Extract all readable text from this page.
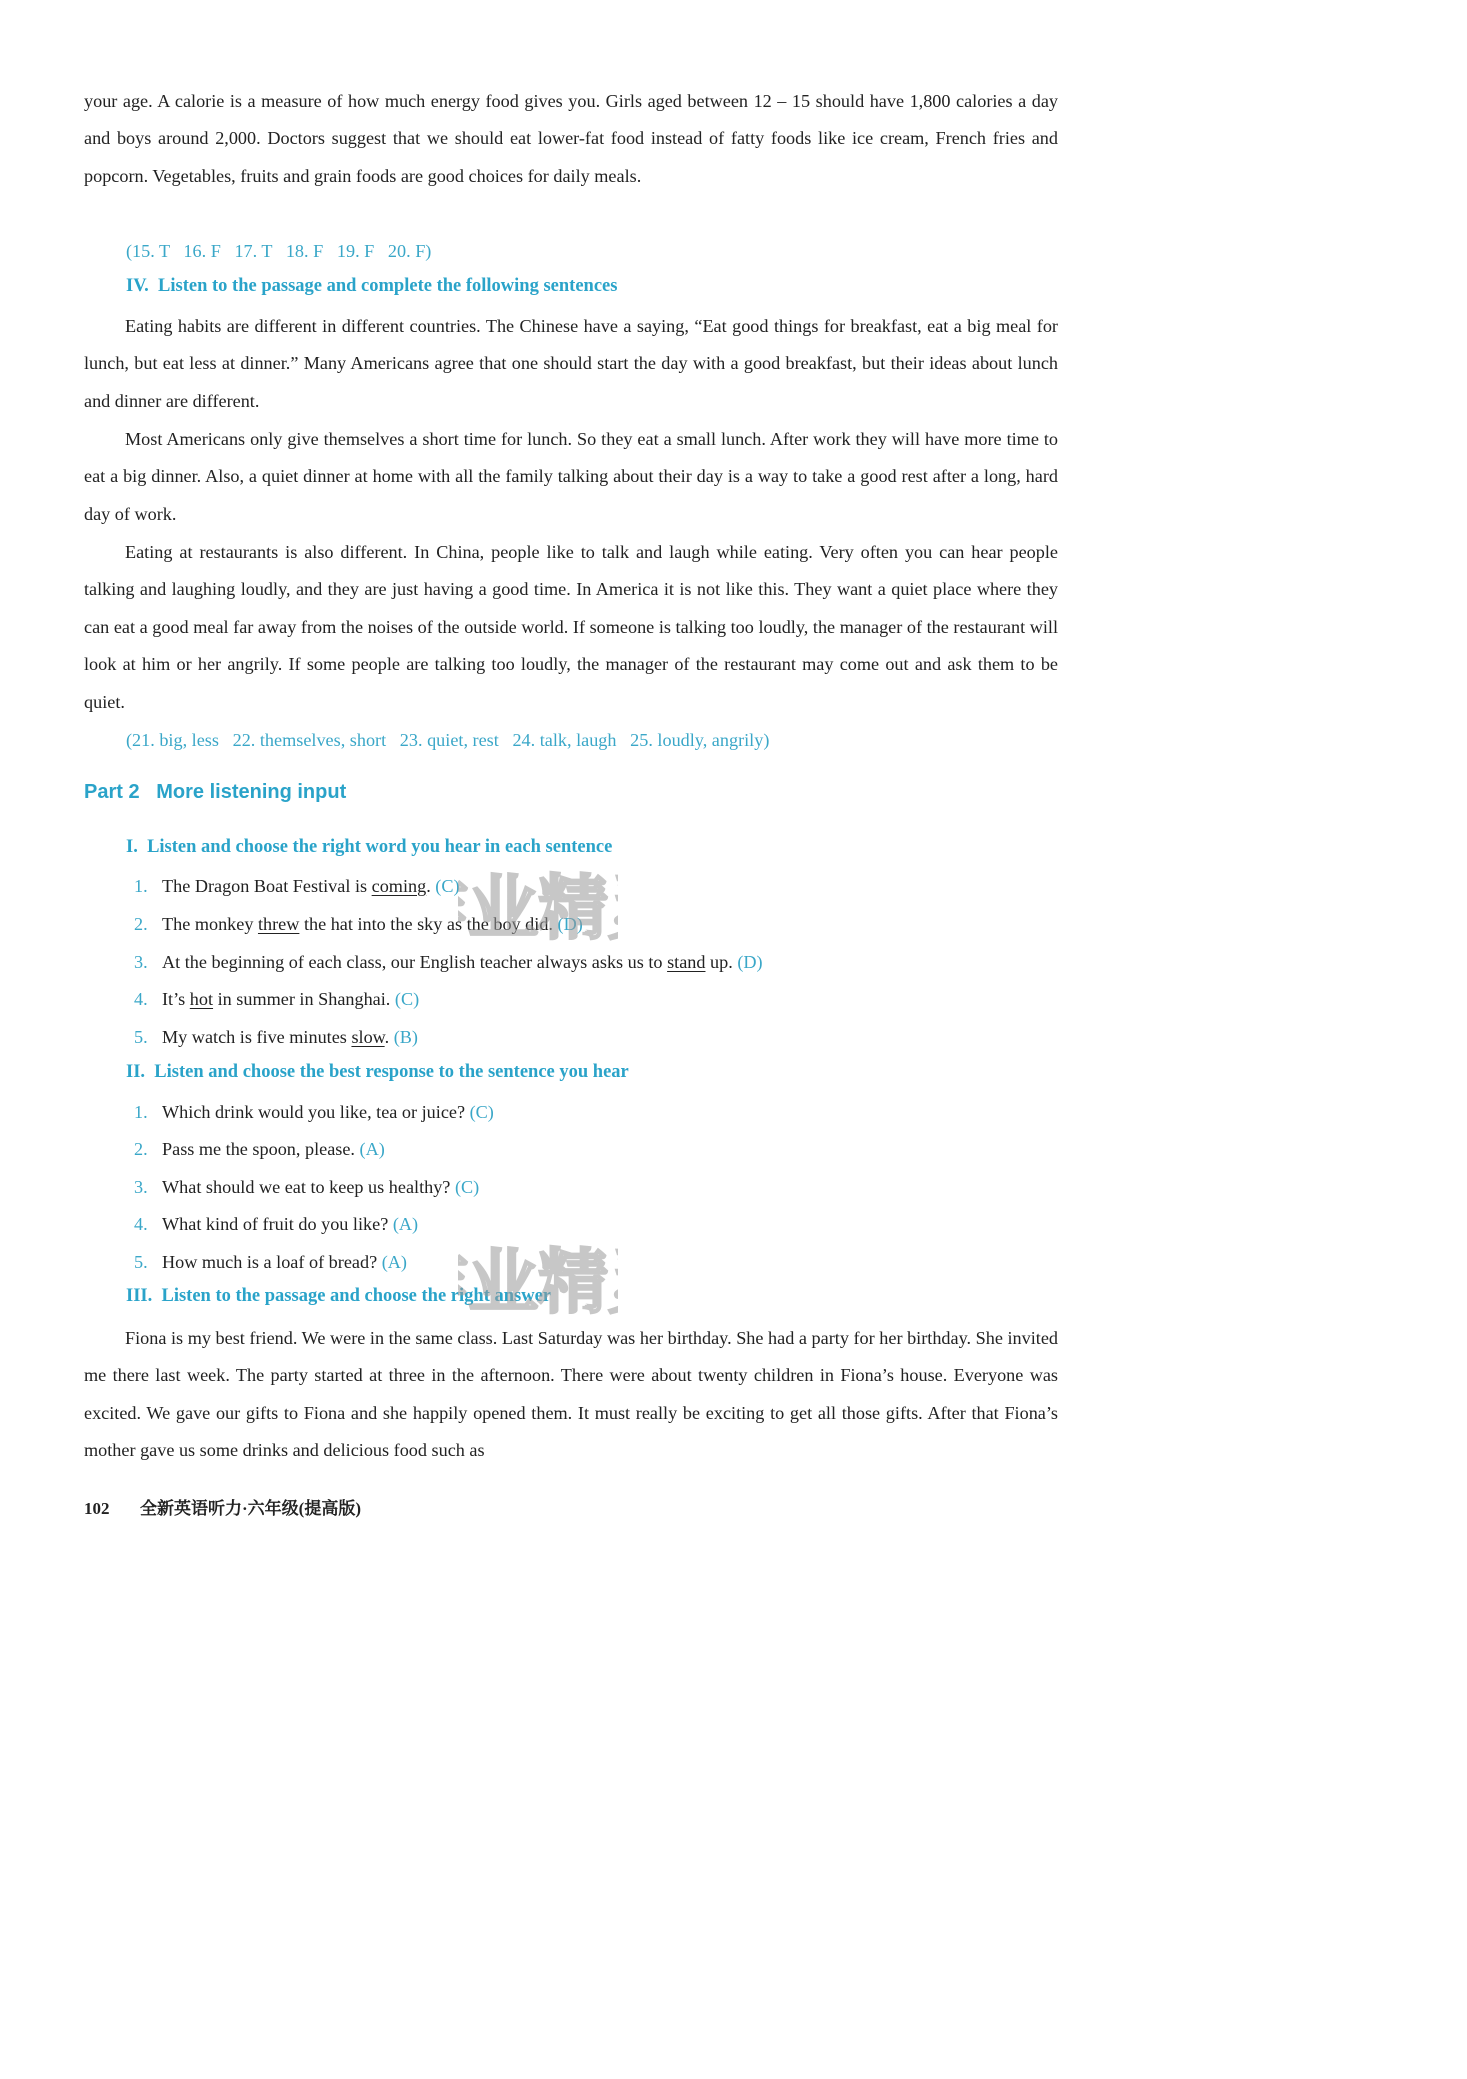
your age. A calorie is a measure of how much energy food gives you. Girls aged between 12 – 15 should have 1,800 calories a day and boys around 2,000. Doctors suggest that we should eat lower-fat food instead of fatty foods like ice cream, French fries and popcorn. Vegetables, fruits and grain foods are good choices for daily meals.

(15. T   16. F   17. T   18. F   19. F   20. F)

IV.  Listen to the passage and complete the following sentences

Eating habits are different in different countries. The Chinese have a saying, “Eat good things for breakfast, eat a big meal for lunch, but eat less at dinner.” Many Americans agree that one should start the day with a good breakfast, but their ideas about lunch and dinner are different.

Most Americans only give themselves a short time for lunch. So they eat a small lunch. After work they will have more time to eat a big dinner. Also, a quiet dinner at home with all the family talking about their day is a way to take a good rest after a long, hard day of work.

Eating at restaurants is also different. In China, people like to talk and laugh while eating. Very often you can hear people talking and laughing loudly, and they are just having a good time. In America it is not like this. They want a quiet place where they can eat a good meal far away from the noises of the outside world. If someone is talking too loudly, the manager of the restaurant will look at him or her angrily. If some people are talking too loudly, the manager of the restaurant may come out and ask them to be quiet.

(21. big, less   22. themselves, short   23. quiet, rest   24. talk, laugh   25. loudly, angrily)

Part 2   More listening input

I.  Listen and choose the right word you hear in each sentence

1. The Dragon Boat Festival is coming. (C)

2. The monkey threw the hat into the sky as the boy did. (D)

3. At the beginning of each class, our English teacher always asks us to stand up. (D)

4. It’s hot in summer in Shanghai. (C)

5. My watch is five minutes slow. (B)

II.  Listen and choose the best response to the sentence you hear

1. Which drink would you like, tea or juice? (C)

2. Pass me the spoon, please. (A)

3. What should we eat to keep us healthy? (C)

4. What kind of fruit do you like? (A)

5. How much is a loaf of bread? (A)

III.  Listen to the passage and choose the right answer

Fiona is my best friend. We were in the same class. Last Saturday was her birthday. She had a party for her birthday. She invited me there last week. The party started at three in the afternoon. There were about twenty children in Fiona’s house. Everyone was excited. We gave our gifts to Fiona and she happily opened them. It must really be exciting to get all those gifts. After that Fiona’s mother gave us some drinks and delicious food such as

102 全新英语听力·六年级(提高版)

业精
业精
